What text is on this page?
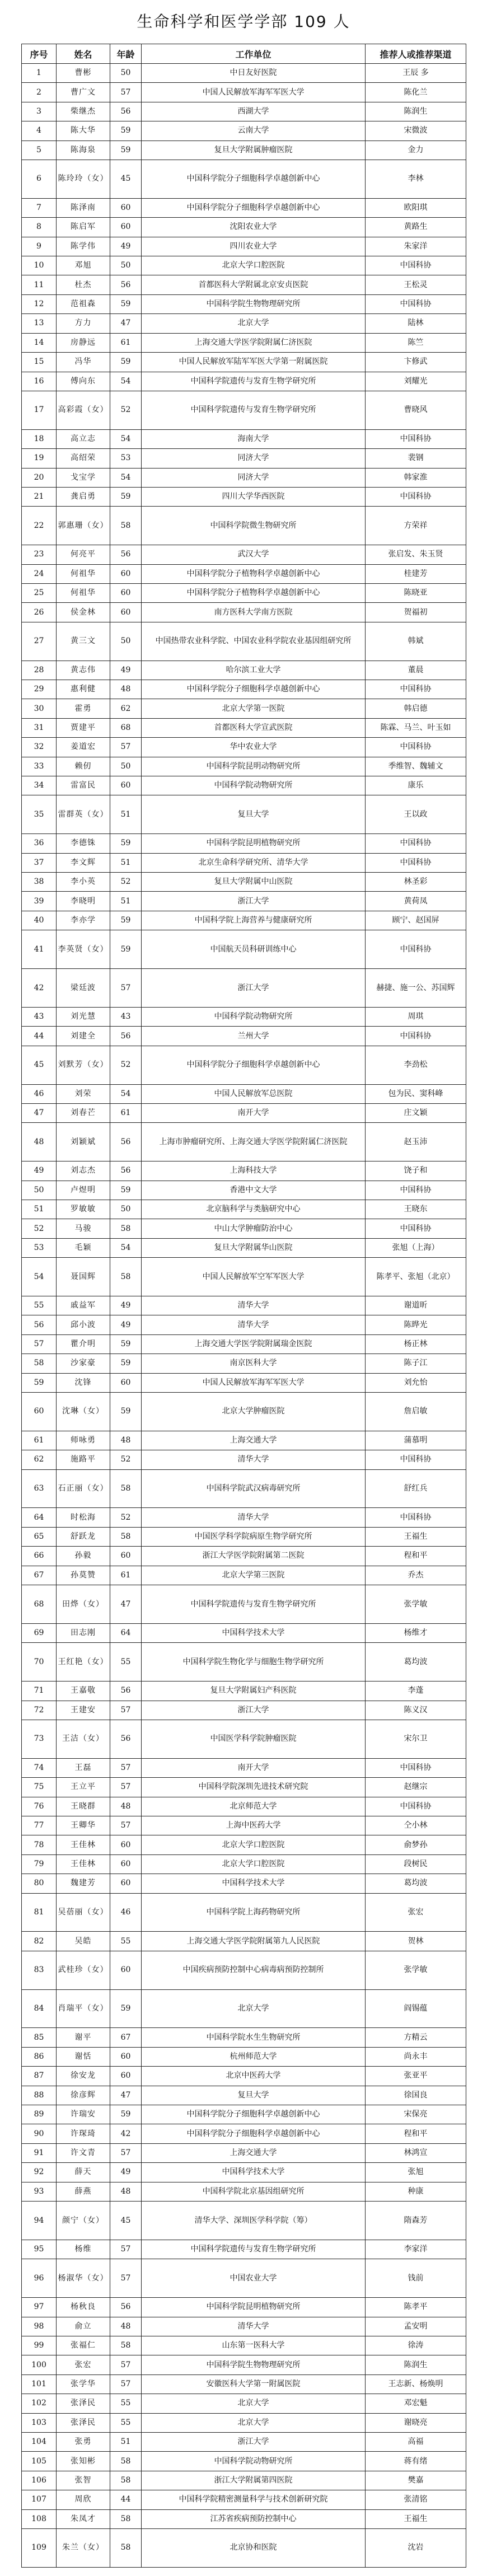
生命科学和医学学部 109 人
序号	姓名	年龄	工作单位	推荐人或推荐渠道
1	曹彬	50	中日友好医院	王辰 多
2	曹广文	57	中国人民解放军海军军医大学	陈化兰
3	柴继杰	56	西湖大学	陈润生
4	陈大华	59	云南大学	宋微波
5	陈海泉	59	复旦大学附属肿瘤医院	金力
6	陈玲玲（女）	45	中国科学院分子细胞科学卓越创新中心	李林
7	陈泽南	60	中国科学院分子细胞科学卓越创新中心	欧阳琪
8	陈启军	60	沈阳农业大学	黄路生
9	陈学伟	49	四川农业大学	朱家洋
10	邓旭	50	北京大学口腔医院	中国科协
11	杜杰	56	首都医科大学附属北京安贞医院	王松灵
12	范祖森	59	中国科学院生物物理研究所	中国科协
13	方力	47	北京大学	陆林
14	房静远	61	上海交通大学医学院附属仁济医院	陈竺
15	冯华	59	中国人民解放军陆军军医大学第一附属医院	卞修武
16	傅向东	54	中国科学院遗传与发育生物学研究所	刘耀光
17	高彩霞（女）	52	中国科学院遗传与发育生物学研究所	曹晓风
18	高立志	54	海南大学	中国科协
19	高绍荣	53	同济大学	裴钢
20	戈宝学	54	同济大学	韩家淮
21	龚启勇	59	四川大学华西医院	中国科协
22	郭惠珊（女）	58	中国科学院微生物研究所	方荣祥
23	何亮平	56	武汉大学	张启发、朱玉贤
24	何祖华	60	中国科学院分子植物科学卓越创新中心	桂建芳
25	何祖华	60	中国科学院分子植物科学卓越创新中心	陈晓亚
26	侯金林	60	南方医科大学南方医院	贺福初
27	黄三文	50	中国热带农业科学院、中国农业科学院农业基因组研究所	韩斌
28	黄志伟	49	哈尔滨工业大学	董晨
29	惠利健	48	中国科学院分子细胞科学卓越创新中心	中国科协
30	霍勇	62	北京大学第一医院	韩启德
31	贾建平	68	首都医科大学宣武医院	陈霖、马兰、叶玉如
32	姜道宏	57	华中农业大学	中国科协
33	赖仞	50	中国科学院昆明动物研究所	季维智、魏辅文
34	雷富民	60	中国科学院动物研究所	康乐
35	雷群英（女）	51	复旦大学	王以政
36	李德铢	59	中国科学院昆明植物研究所	中国科协
37	李文辉	51	北京生命科学研究所、清华大学	中国科协
38	李小英	52	复旦大学附属中山医院	林圣彩
39	李晓明	51	浙江大学	黄荷凤
40	李亦学	59	中国科学院上海营养与健康研究所	顾宁、赵国屏
41	李英贤（女）	59	中国航天员科研训练中心	中国科协
42	梁廷波	57	浙江大学	赫捷、施一公、苏国辉
43	刘光慧	43	中国科学院动物研究所	周琪
44	刘建全	56	兰州大学	中国科协
45	刘默芳（女）	52	中国科学院分子细胞科学卓越创新中心	李劲松
46	刘荣	54	中国人民解放军总医院	包为民、窦科峰
47	刘春芒	61	南开大学	庄文颖
48	刘颖斌	56	上海市肿瘤研究所、上海交通大学医学院附属仁济医院	赵玉沛
49	刘志杰	56	上海科技大学	饶子和
50	卢煜明	59	香港中文大学	中国科协
51	罗敏敏	50	北京脑科学与类脑研究中心	王晓东
52	马骏	58	中山大学肿瘤防治中心	中国科协
53	毛颖	54	复旦大学附属华山医院	张旭（上海）
54	聂国辉	58	中国人民解放军空军军医大学	陈孝平、张旭（北京）
55	戚益军	49	清华大学	谢道昕
56	邱小波	49	清华大学	陈晔光
57	瞿介明	59	上海交通大学医学院附属瑞金医院	杨正林
58	沙家豪	59	南京医科大学	陈子江
59	沈锋	60	中国人民解放军海军军医大学	刘允怡
60	沈琳（女）	59	北京大学肿瘤医院	詹启敏
61	师咏勇	48	上海交通大学	蒲慕明
62	施路平	52	清华大学	中国科协
63	石正丽（女）	58	中国科学院武汉病毒研究所	舒红兵
64	时松海	52	清华大学	中国科协
65	舒跃龙	58	中国医学科学院病原生物学研究所	王福生
66	孙毅	60	浙江大学医学院附属第二医院	程和平
67	孙莫赞	61	北京大学第三医院	乔杰
68	田烨（女）	47	中国科学院遗传与发育生物学研究所	张学敏
69	田志刚	64	中国科学技术大学	杨维才
70	王红艳（女）	55	中国科学院生物化学与细胞生物学研究所	葛均波
71	王嘉敬	56	复旦大学附属妇产科医院	李蓬
72	王建安	57	浙江大学	陈义汉
73	王洁（女）	56	中国医学科学院肿瘤医院	宋尔卫
74	王磊	57	南开大学	中国科协
75	王立平	57	中国科学院深圳先进技术研究院	赵继宗
76	王晓群	48	北京师范大学	中国科协
77	王卿华	57	上海中医药大学	仝小林
78	王佳林	60	北京大学口腔医院	俞梦孙
79	王佳林	60	北京大学口腔医院	段树民
80	魏建芳	60	中国科学技术大学	葛均波
81	吴蓓丽（女）	46	中国科学院上海药物研究所	张宏
82	吴皓	55	上海交通大学医学院附属第九人民医院	贺林
83	武桂珍（女）	60	中国疾病预防控制中心病毒病预防控制所	张学敏
84	肖瑞平（女）	59	北京大学	阎锡蕴
85	谢平	67	中国科学院水生生物研究所	方精云
86	谢恬	60	杭州师范大学	尚永丰
87	徐安龙	60	北京中医药大学	张亚平
88	徐彦辉	47	复旦大学	徐国良
89	许瑞安	59	中国科学院分子细胞科学卓越创新中心	宋保亮
90	许琛琦	42	中国科学院分子细胞科学卓越创新中心	程和平
91	许文青	57	上海交通大学	林鸿宣
92	薛天	49	中国科学技术大学	张旭
93	薛燕	48	中国科学院北京基因组研究所	种康
94	颜宁（女）	45	清华大学、深圳医学科学院（筹）	隋森芳
95	杨维	57	中国科学院遗传与发育生物学研究所	李家洋
96	杨淑华（女）	57	中国农业大学	钱前
97	杨秋良	56	中国科学院昆明植物研究所	陈孝平
98	俞立	48	清华大学	孟安明
99	张福仁	58	山东第一医科大学	徐涛
100	张宏	57	中国科学院生物物理研究所	陈润生
101	张学华	57	安徽医科大学第一附属医院	王志新、杨焕明
102	张泽民	55	北京大学	邓宏魁
103	张泽民	55	北京大学	谢晓亮
104	张勇	51	浙江大学	高福
105	张知彬	58	中国科学院动物研究所	蒋有绪
106	张智	58	浙江大学附属第四医院	樊嘉
107	周欣	44	中国科学院精密测量科学与技术创新研究院	张清铭
108	朱凤才	58	江苏省疾病预防控制中心	王福生
109	朱兰（女）	58	北京协和医院	沈岩
